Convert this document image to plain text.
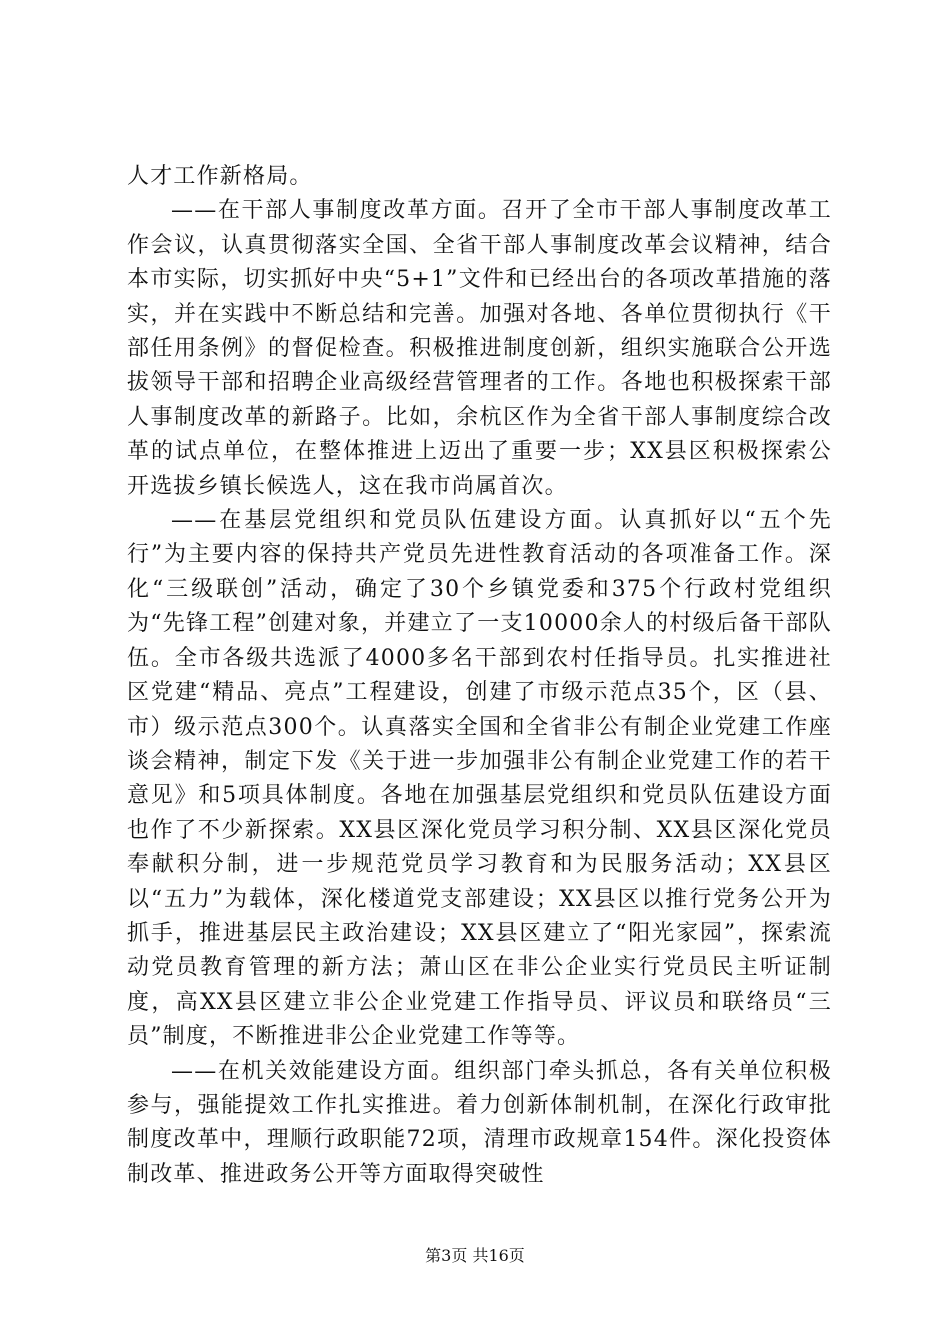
人才工作新格局。

——在干部人事制度改革方面。召开了全市干部人事制度改革工作会议，认真贯彻落实全国、全省干部人事制度改革会议精神，结合本市实际，切实抓好中央“5+1”文件和已经出台的各项改革措施的落实，并在实践中不断总结和完善。加强对各地、各单位贯彻执行《干部任用条例》的督促检查。积极推进制度创新，组织实施联合公开选拔领导干部和招聘企业高级经营管理者的工作。各地也积极探索干部人事制度改革的新路子。比如，余杭区作为全省干部人事制度综合改革的试点单位，在整体推进上迈出了重要一步；XX县区积极探索公开选拔乡镇长候选人，这在我市尚属首次。

——在基层党组织和党员队伍建设方面。认真抓好以“五个先行”为主要内容的保持共产党员先进性教育活动的各项准备工作。深化“三级联创”活动，确定了30个乡镇党委和375个行政村党组织为“先锋工程”创建对象，并建立了一支10000余人的村级后备干部队伍。全市各级共选派了4000多名干部到农村任指导员。扎实推进社区党建“精品、亮点”工程建设，创建了市级示范点35个，区（县、市）级示范点300个。认真落实全国和全省非公有制企业党建工作座谈会精神，制定下发《关于进一步加强非公有制企业党建工作的若干意见》和5项具体制度。各地在加强基层党组织和党员队伍建设方面也作了不少新探索。XX县区深化党员学习积分制、XX县区深化党员奉献积分制，进一步规范党员学习教育和为民服务活动；XX县区以“五力”为载体，深化楼道党支部建设；XX县区以推行党务公开为抓手，推进基层民主政治建设；XX县区建立了“阳光家园”，探索流动党员教育管理的新方法；萧山区在非公企业实行党员民主听证制度，高XX县区建立非公企业党建工作指导员、评议员和联络员“三员”制度，不断推进非公企业党建工作等等。

——在机关效能建设方面。组织部门牵头抓总，各有关单位积极参与，强能提效工作扎实推进。着力创新体制机制，在深化行政审批制度改革中，理顺行政职能72项，清理市政规章154件。深化投资体制改革、推进政务公开等方面取得突破性

第3页 共16页
